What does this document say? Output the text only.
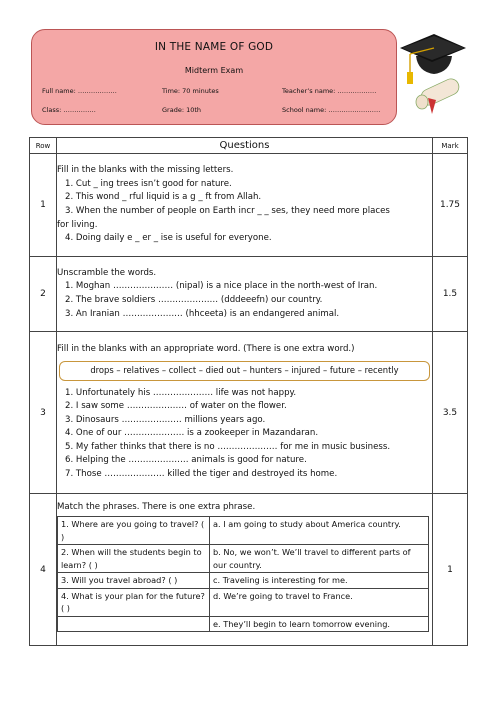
IN THE NAME OF GOD
Midterm Exam
Full name: ………………	Time: 70 minutes	Teacher’s name: ………………
Class: ……………	Grade: 10th	School name: ……………………
Row	Questions	Mark
1	
Fill in the blanks with the missing letters.
1. Cut _ ing trees isn’t good for nature.
2. This wond _ rful liquid is a g _ ft from Allah.
3. When the number of people on Earth incr _ _ ses, they need more places
for living.
4. Doing daily e _ er _ ise is useful for everyone.
	1.75
2	
Unscramble the words.
1. Moghan ………………… (nipal) is a nice place in the north-west of Iran.
2. The brave soldiers ………………… (dddeeefn) our country.
3. An Iranian ………………… (hhceeta) is an endangered animal.
	1.5
3	
Fill in the blanks with an appropriate word. (There is one extra word.)
drops – relatives – collect – died out – hunters – injured – future – recently
1. Unfortunately his ………………… life was not happy.
2. I saw some ………………… of water on the flower.
3. Dinosaurs ………………… millions years ago.
4. One of our ………………… is a zookeeper in Mazandaran.
5. My father thinks that there is no ………………… for me in music business.
6. Helping the ………………… animals is good for nature.
7. Those ………………… killed the tiger and destroyed its home.
	3.5
4	
Match the phrases. There is one extra phrase.
1. Where are you going to travel? ( )	a. I am going to study about America country.
2. When will the students begin to learn? ( )	b. No, we won’t. We’ll travel to different parts of our country.
3. Will you travel abroad? ( )	c. Traveling is interesting for me.
4. What is your plan for the future? ( )	d. We’re going to travel to France.
	e. They’ll begin to learn tomorrow evening.
	1
